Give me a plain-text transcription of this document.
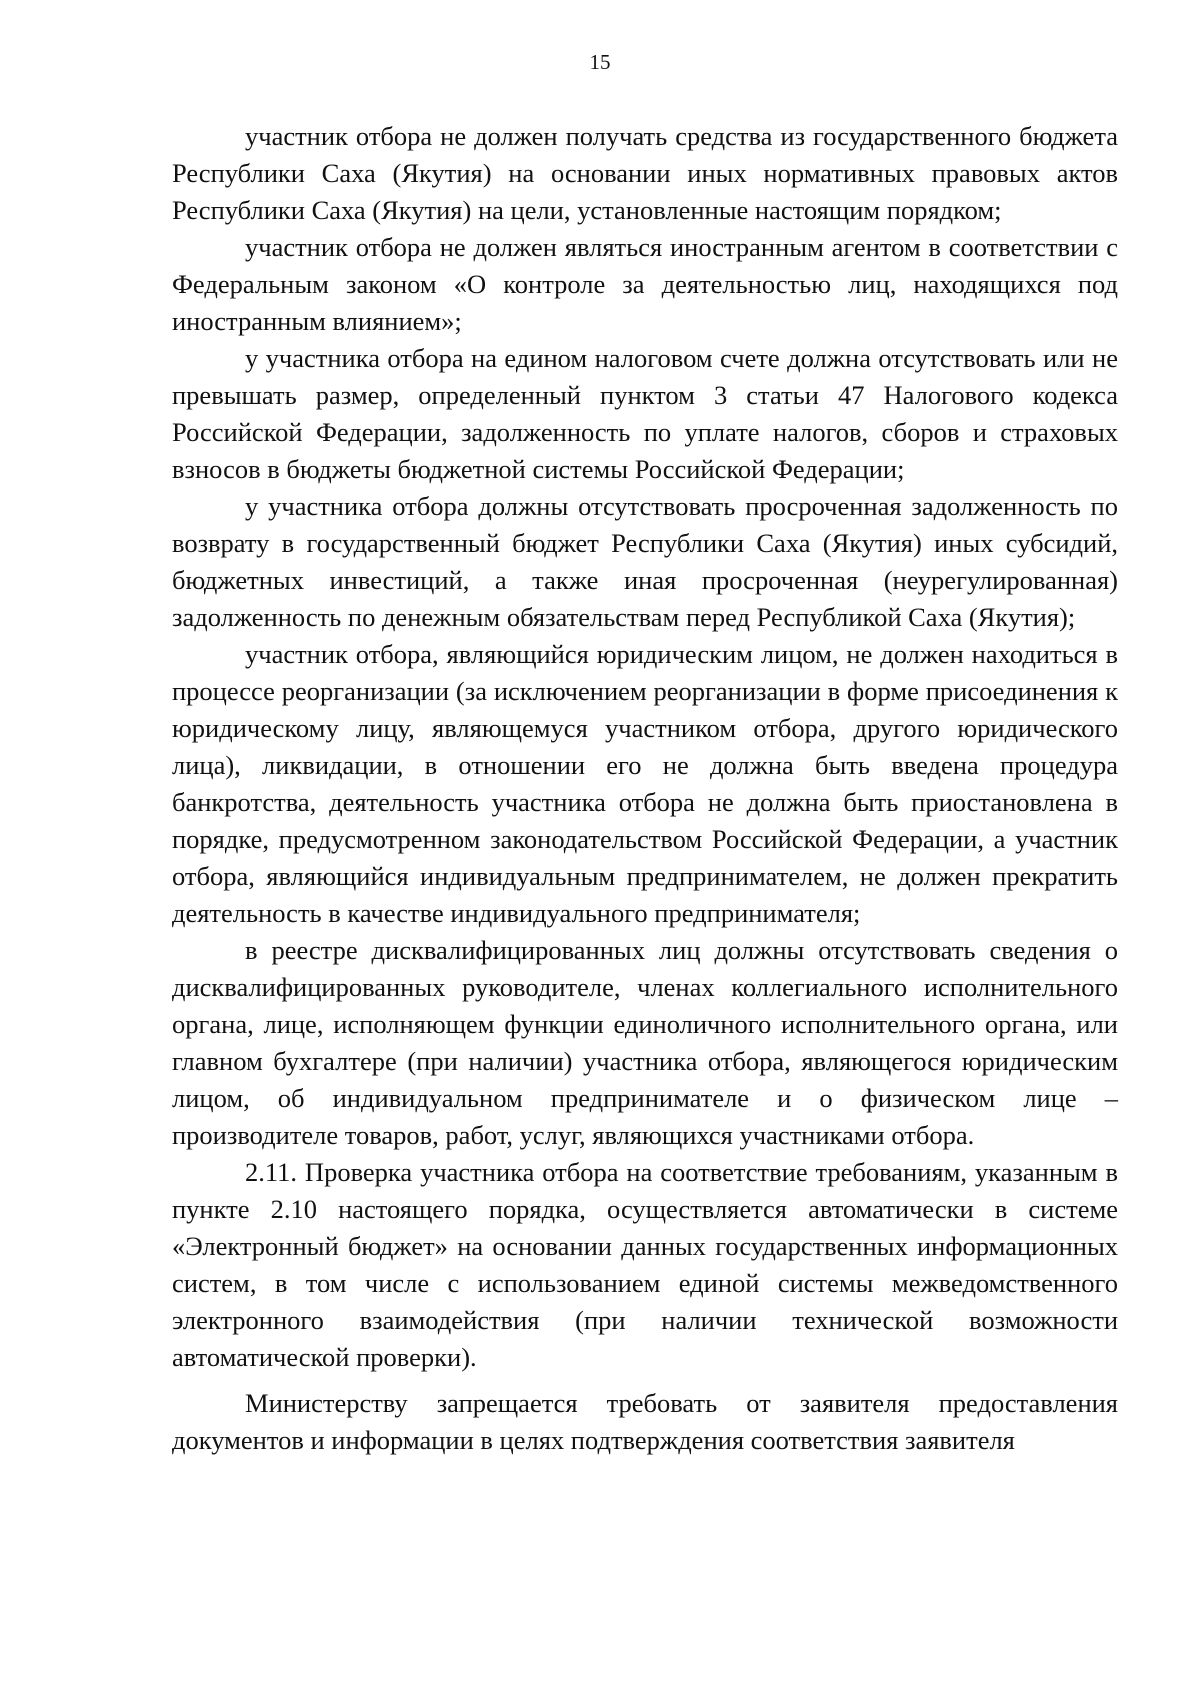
15

участник отбора не должен получать средства из государственного бюджета Республики Саха (Якутия) на основании иных нормативных правовых актов Республики Саха (Якутия) на цели, установленные настоящим порядком;

участник отбора не должен являться иностранным агентом в соответствии с Федеральным законом «О контроле за деятельностью лиц, находящихся под иностранным влиянием»;

у участника отбора на едином налоговом счете должна отсутствовать или не превышать размер, определенный пунктом 3 статьи 47 Налогового кодекса Российской Федерации, задолженность по уплате налогов, сборов и страховых взносов в бюджеты бюджетной системы Российской Федерации;

у участника отбора должны отсутствовать просроченная задолженность по возврату в государственный бюджет Республики Саха (Якутия) иных субсидий, бюджетных инвестиций, а также иная просроченная (неурегулированная) задолженность по денежным обязательствам перед Республикой Саха (Якутия);

участник отбора, являющийся юридическим лицом, не должен находиться в процессе реорганизации (за исключением реорганизации в форме присоединения к юридическому лицу, являющемуся участником отбора, другого юридического лица), ликвидации, в отношении его не должна быть введена процедура банкротства, деятельность участника отбора не должна быть приостановлена в порядке, предусмотренном законодательством Российской Федерации, а участник отбора, являющийся индивидуальным предпринимателем, не должен прекратить деятельность в качестве индивидуального предпринимателя;

в реестре дисквалифицированных лиц должны отсутствовать сведения о дисквалифицированных руководителе, членах коллегиального исполнительного органа, лице, исполняющем функции единоличного исполнительного органа, или главном бухгалтере (при наличии) участника отбора, являющегося юридическим лицом, об индивидуальном предпринимателе и о физическом лице – производителе товаров, работ, услуг, являющихся участниками отбора.

2.11. Проверка участника отбора на соответствие требованиям, указанным в пункте 2.10 настоящего порядка, осуществляется автоматически в системе «Электронный бюджет» на основании данных государственных информационных систем, в том числе с использованием единой системы межведомственного электронного взаимодействия (при наличии технической возможности автоматической проверки).

Министерству запрещается требовать от заявителя предоставления документов и информации в целях подтверждения соответствия заявителя
